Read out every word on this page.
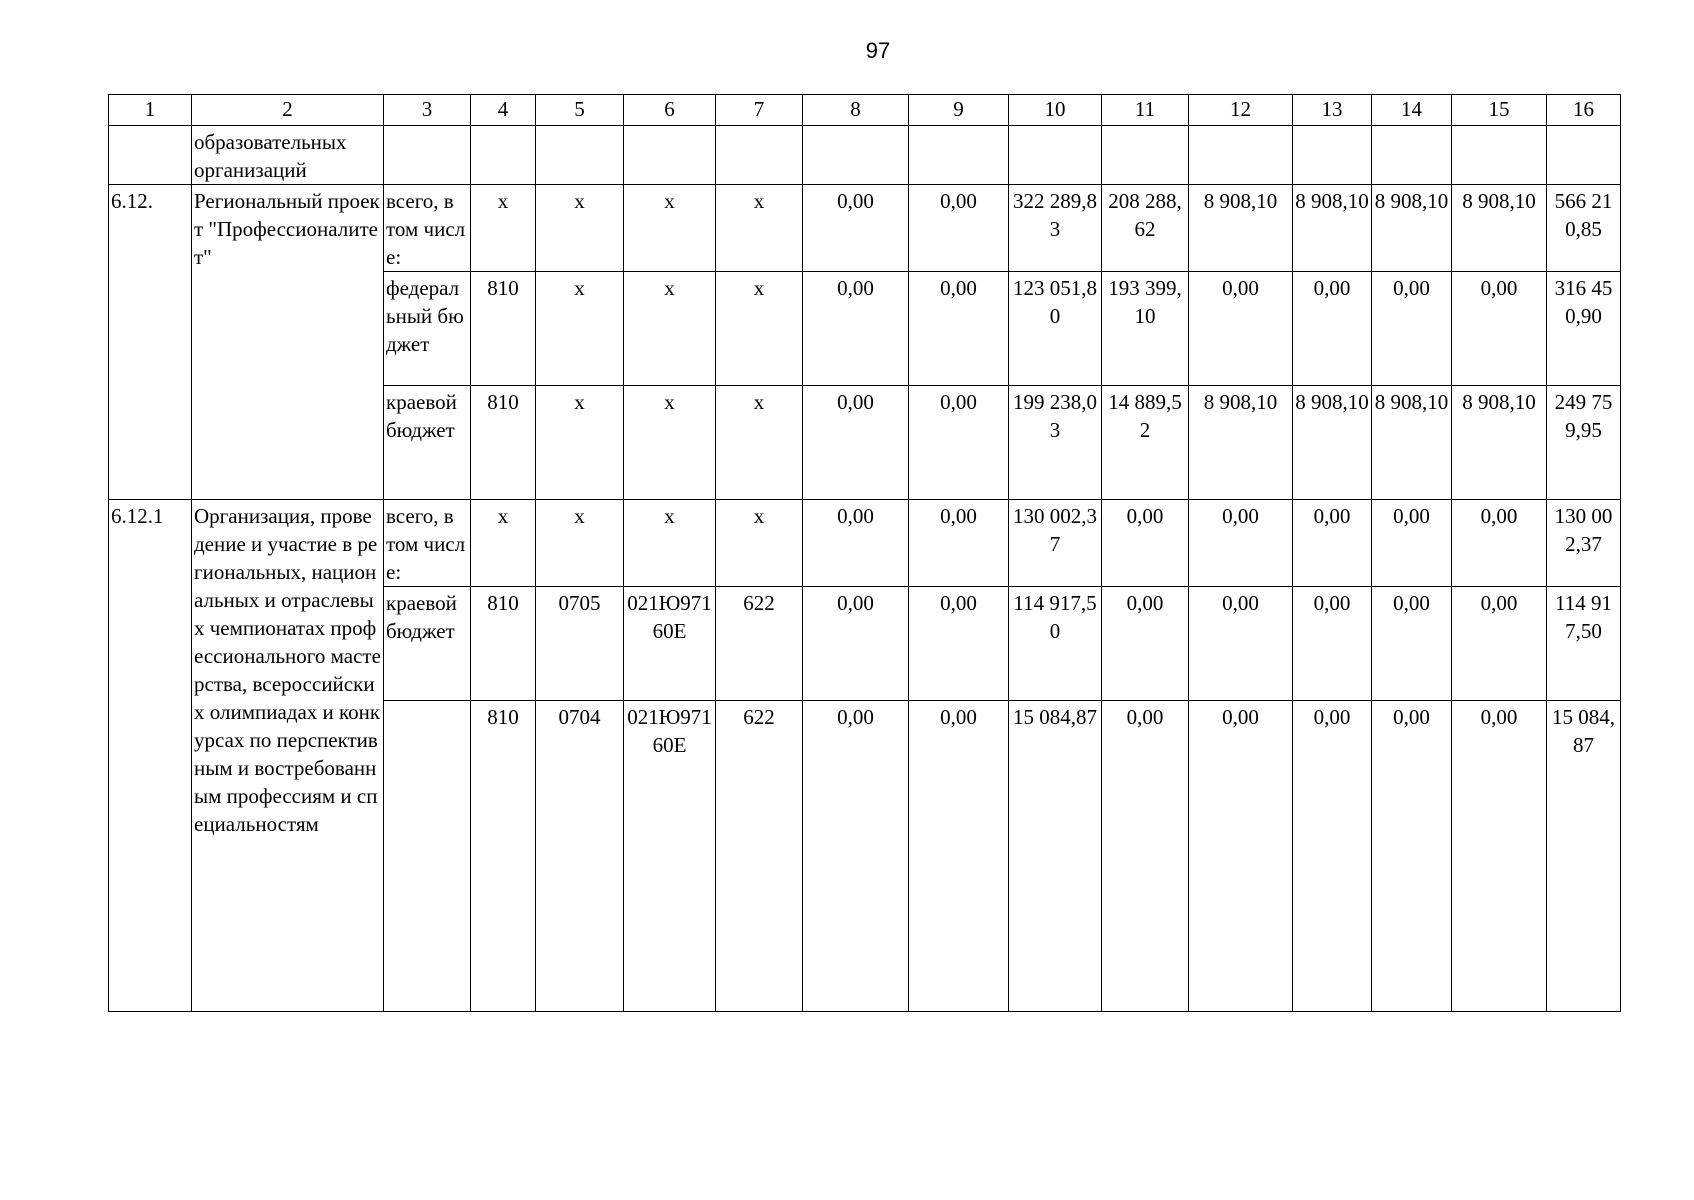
97
1	2	3	4	5	6	7	8	9	10	11	12	13	14	15	16
	образовательных организаций														
6.12.	Региональный проект "Профессионалитет"	всего, в том числе:	х	х	х	х	0,00	0,00	322 289,83	208 288,62	8 908,10	8 908,10	8 908,10	8 908,10	566 210,85
		федеральный бюджет	810	х	х	х	0,00	0,00	123 051,80	193 399,10	0,00	0,00	0,00	0,00	316 450,90
		краевой бюджет	810	х	х	х	0,00	0,00	199 238,03	14 889,52	8 908,10	8 908,10	8 908,10	8 908,10	249 759,95
6.12.1	Организация, проведение и участие в региональных, национальных и отраслевых чемпионатах профессионального мастерства, всероссийских олимпиадах и конкурсах по перспективным и востребованным профессиям и специальностям	всего, в том числе:	х	х	х	х	0,00	0,00	130 002,37	0,00	0,00	0,00	0,00	0,00	130 002,37
		краевой бюджет	810	0705	021Ю97160Е	622	0,00	0,00	114 917,50	0,00	0,00	0,00	0,00	0,00	114 917,50
			810	0704	021Ю97160Е	622	0,00	0,00	15 084,87	0,00	0,00	0,00	0,00	0,00	15 084,87
